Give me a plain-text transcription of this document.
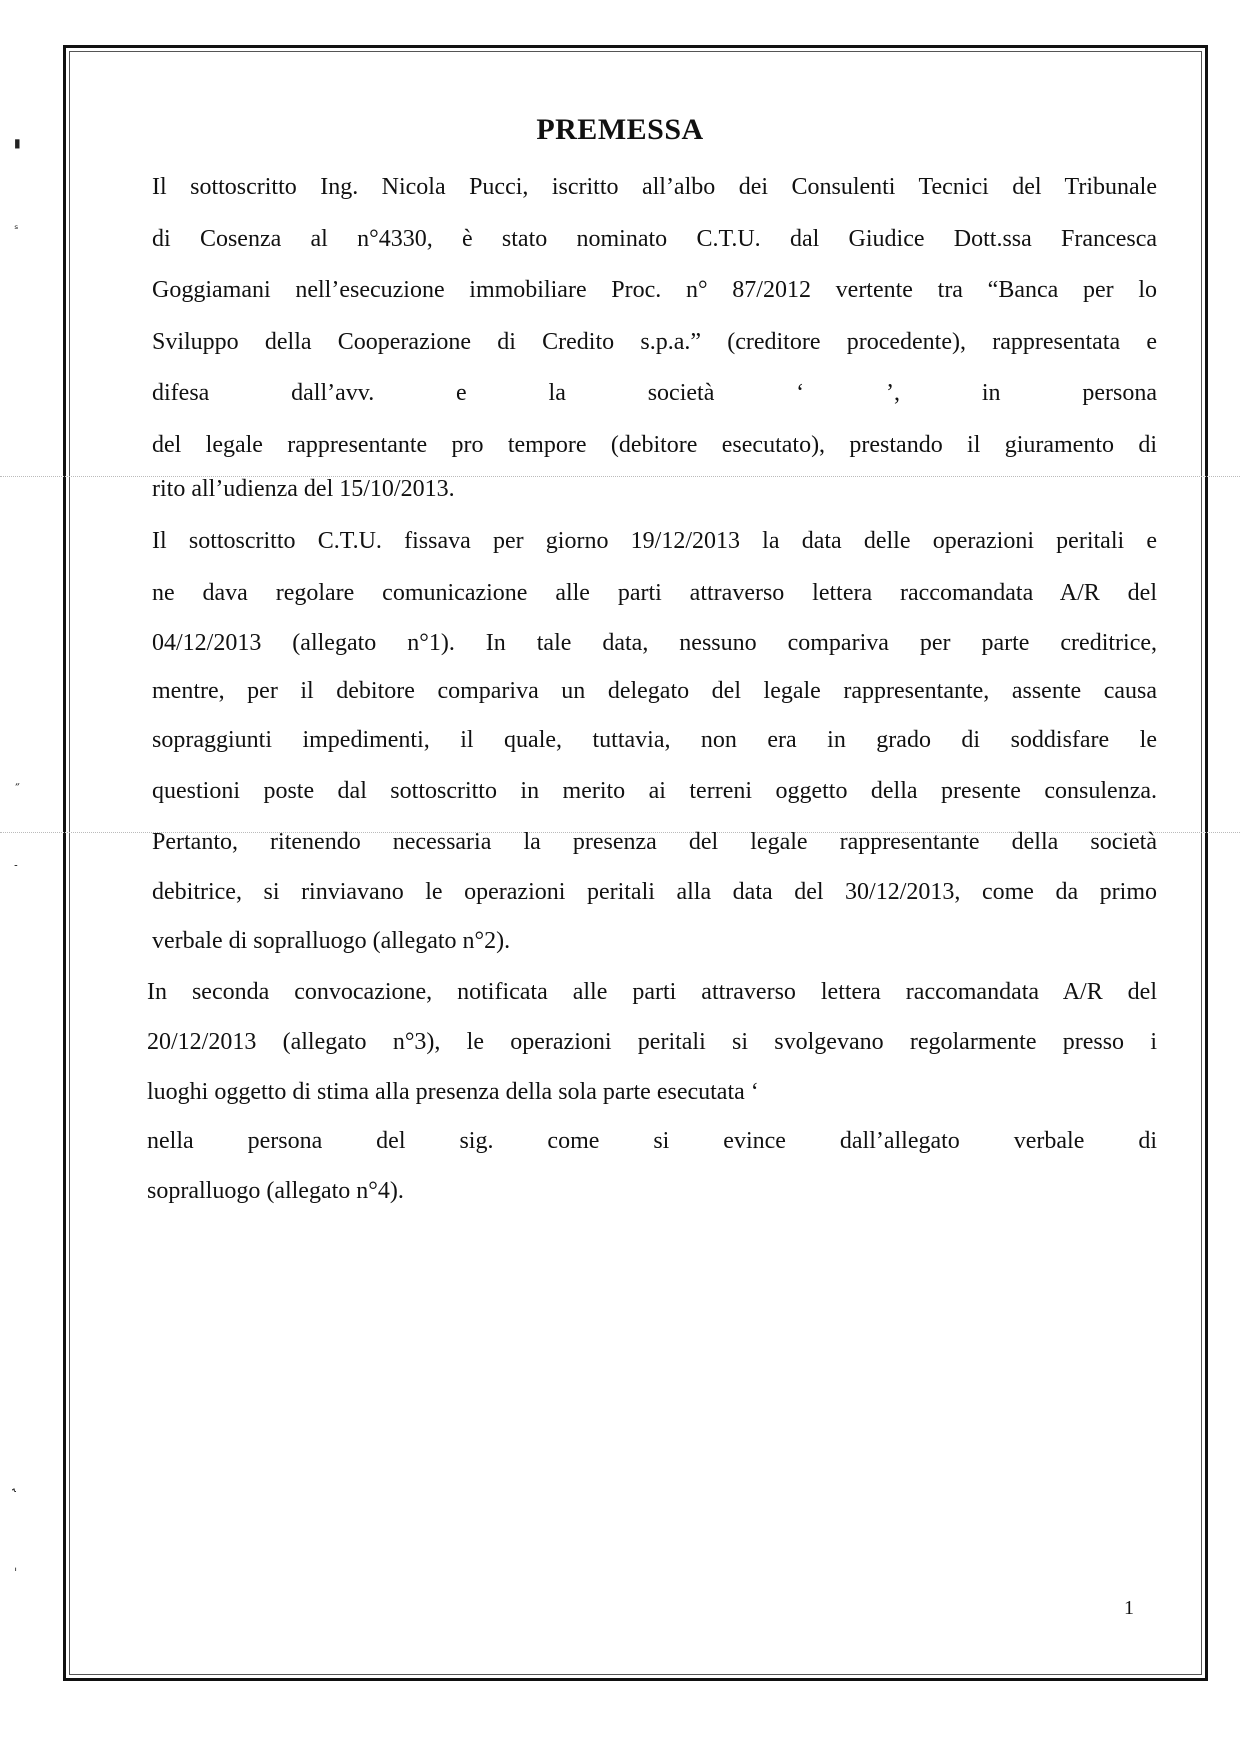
▮
ˢ
˝
˗
˞
ˌ
PREMESSA
Il sottoscritto Ing. Nicola Pucci, iscritto all’albo dei Consulenti Tecnici del Tribunale
di Cosenza al n°4330, è stato nominato C.T.U. dal Giudice Dott.ssa Francesca
Goggiamani nell’esecuzione immobiliare Proc. n° 87/2012 vertente tra “Banca per lo
Sviluppo della Cooperazione di Credito s.p.a.” (creditore procedente), rappresentata e
difesa dall’avv. e la società ‘ ’, in persona
del legale rappresentante pro tempore (debitore esecutato), prestando il giuramento di
rito all’udienza del 15/10/2013.
Il sottoscritto C.T.U. fissava per giorno 19/12/2013 la data delle operazioni peritali e
ne dava regolare comunicazione alle parti attraverso lettera raccomandata A/R del
04/12/2013 (allegato n°1). In tale data, nessuno compariva per parte creditrice,
mentre, per il debitore compariva un delegato del legale rappresentante, assente causa
sopraggiunti impedimenti, il quale, tuttavia, non era in grado di soddisfare le
questioni poste dal sottoscritto in merito ai terreni oggetto della presente consulenza.
Pertanto, ritenendo necessaria la presenza del legale rappresentante della società
debitrice, si rinviavano le operazioni peritali alla data del 30/12/2013, come da primo
verbale di sopralluogo (allegato n°2).
In seconda convocazione, notificata alle parti attraverso lettera raccomandata A/R del
20/12/2013 (allegato n°3), le operazioni peritali si svolgevano regolarmente presso i
luoghi oggetto di stima alla presenza della sola parte esecutata ‘
nella persona del sig. come si evince dall’allegato verbale di
sopralluogo (allegato n°4).
1
